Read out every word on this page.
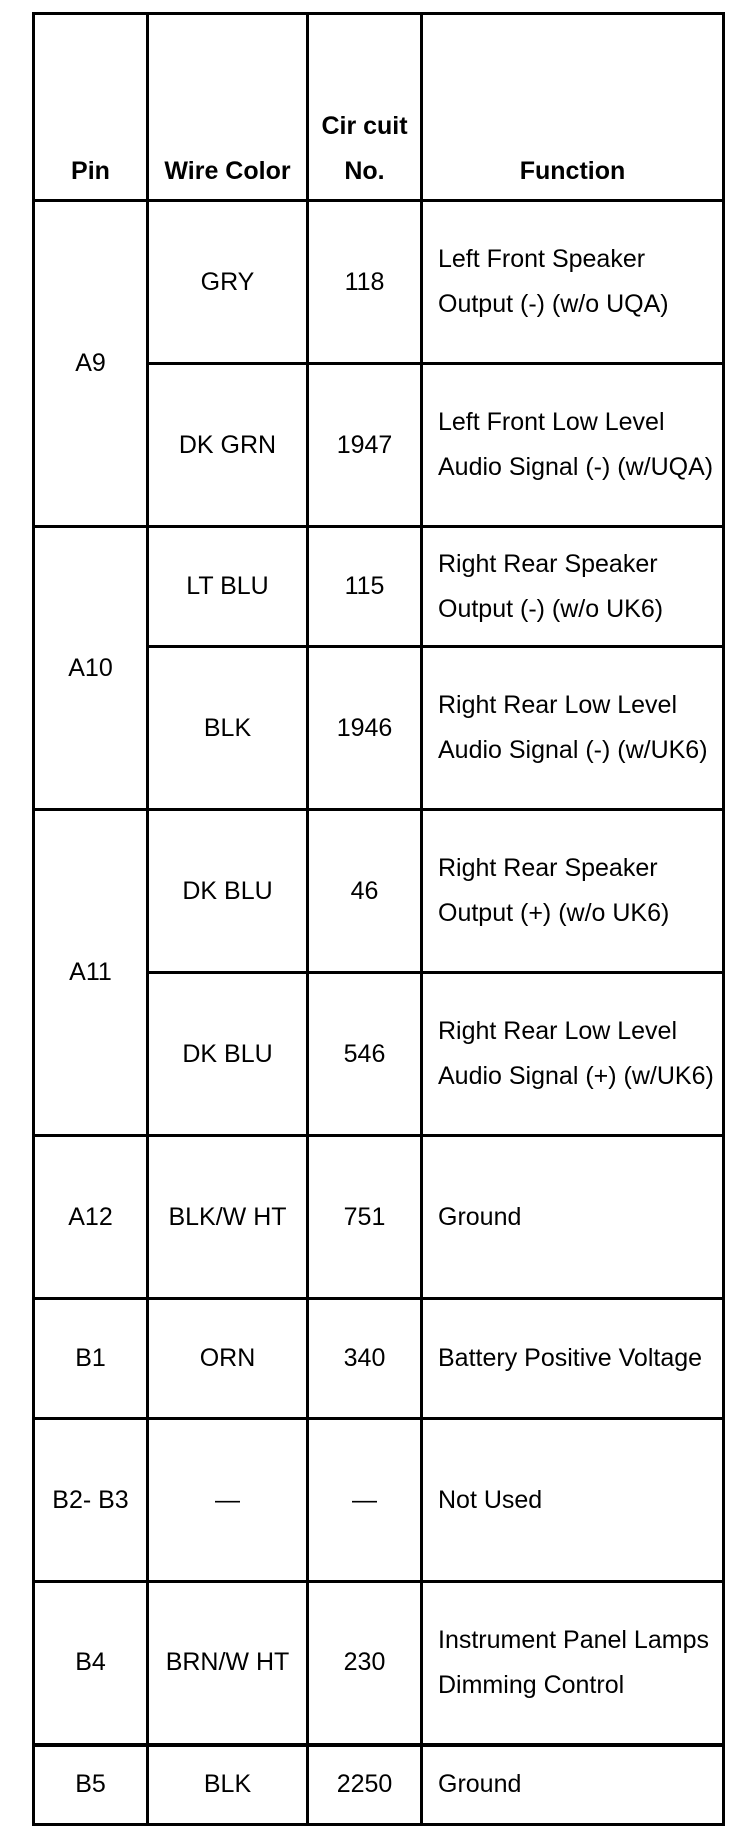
Pin	Wire Color	Cir cuit No.	Function
A9	GRY	118	Left Front Speaker Output (-) (w/o UQA)
	DK GRN	1947	Left Front Low Level Audio Signal (-) (w/UQA)
A10	LT BLU	115	Right Rear Speaker Output (-) (w/o UK6)
	BLK	1946	Right Rear Low Level Audio Signal (-) (w/UK6)
A11	DK BLU	46	Right Rear Speaker Output (+) (w/o UK6)
	DK BLU	546	Right Rear Low Level Audio Signal (+) (w/UK6)
A12	BLK/W HT	751	Ground
B1	ORN	340	Battery Positive Voltage
B2- B3	—	—	Not Used
B4	BRN/W HT	230	Instrument Panel Lamps Dimming Control
B5	BLK	2250	Ground
